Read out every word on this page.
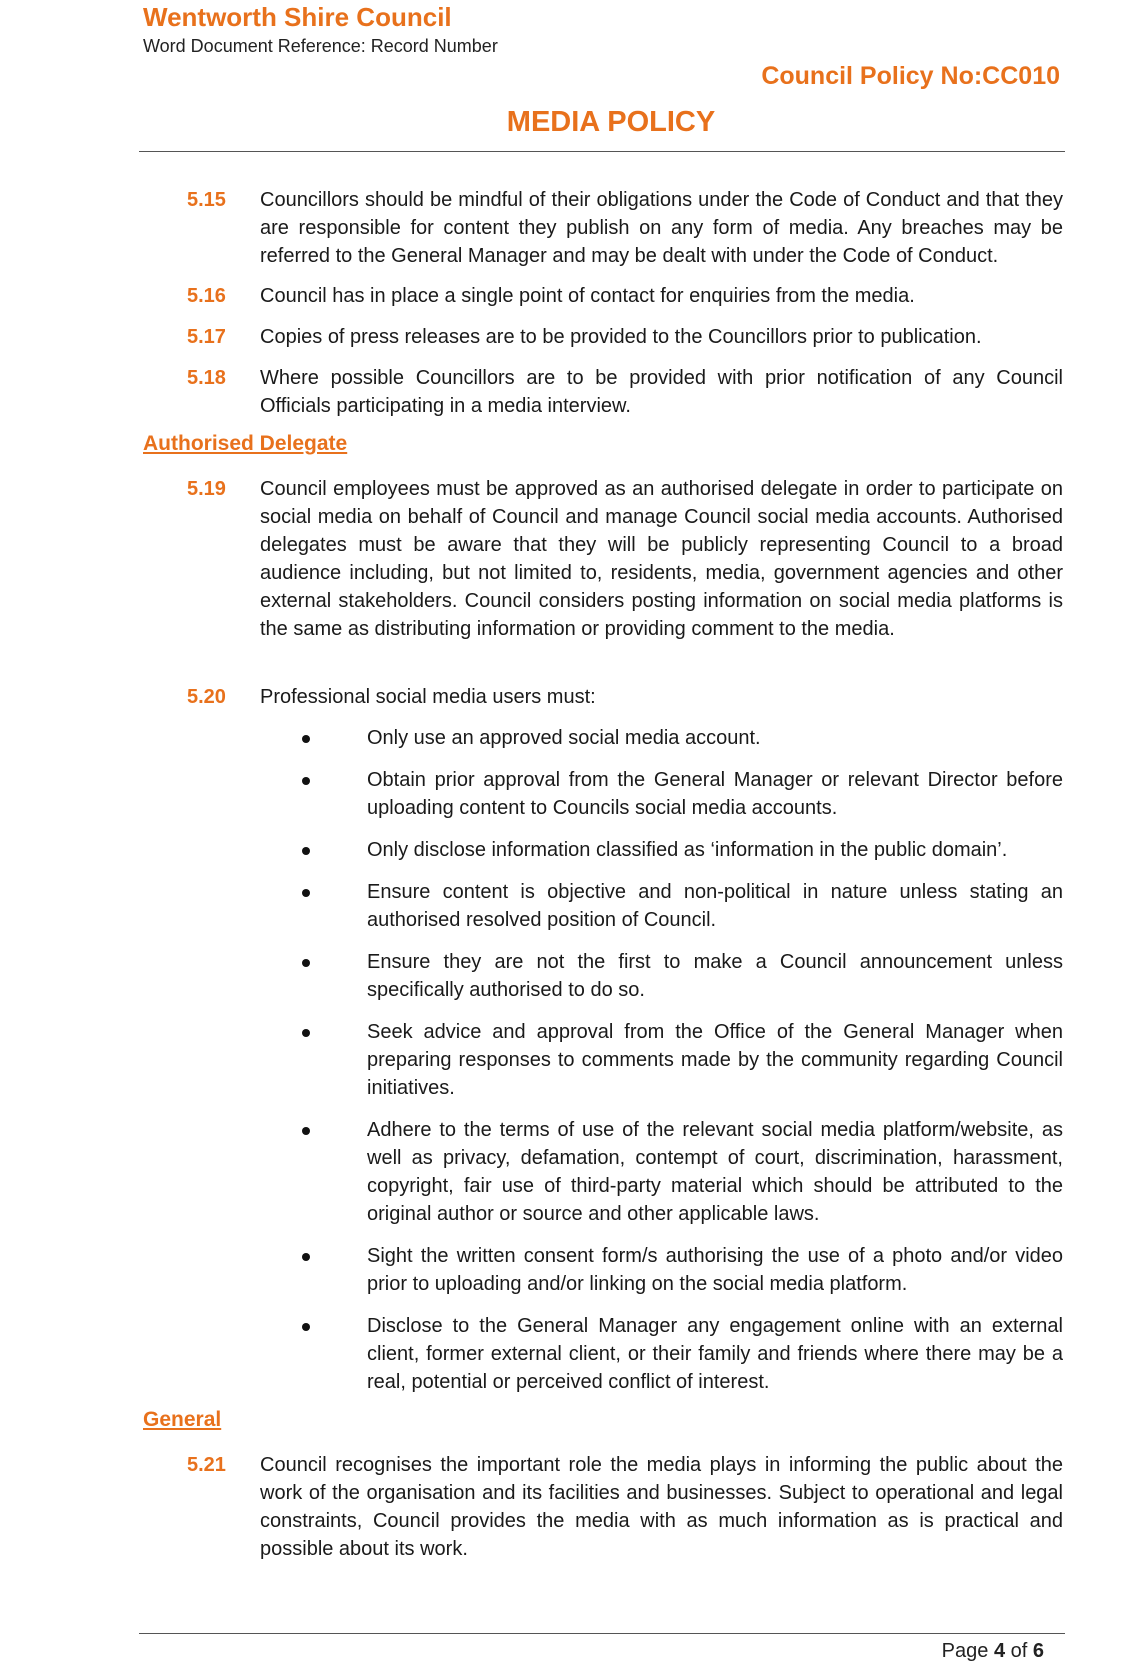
Wentworth Shire Council
Word Document Reference: Record Number
Council Policy No:CC010
MEDIA POLICY
5.15	Councillors should be mindful of their obligations under the Code of Conduct and that they are responsible for content they publish on any form of media. Any breaches may be referred to the General Manager and may be dealt with under the Code of Conduct.
5.16	Council has in place a single point of contact for enquiries from the media.
5.17	Copies of press releases are to be provided to the Councillors prior to publication.
5.18	Where possible Councillors are to be provided with prior notification of any Council Officials participating in a media interview.
Authorised Delegate
5.19	Council employees must be approved as an authorised delegate in order to participate on social media on behalf of Council and manage Council social media accounts. Authorised delegates must be aware that they will be publicly representing Council to a broad audience including, but not limited to, residents, media, government agencies and other external stakeholders. Council considers posting information on social media platforms is the same as distributing information or providing comment to the media.
5.20	Professional social media users must:
Only use an approved social media account.
Obtain prior approval from the General Manager or relevant Director before uploading content to Councils social media accounts.
Only disclose information classified as ‘information in the public domain’.
Ensure content is objective and non-political in nature unless stating an authorised resolved position of Council.
Ensure they are not the first to make a Council announcement unless specifically authorised to do so.
Seek advice and approval from the Office of the General Manager when preparing responses to comments made by the community regarding Council initiatives.
Adhere to the terms of use of the relevant social media platform/website, as well as privacy, defamation, contempt of court, discrimination, harassment, copyright, fair use of third-party material which should be attributed to the original author or source and other applicable laws.
Sight the written consent form/s authorising the use of a photo and/or video prior to uploading and/or linking on the social media platform.
Disclose to the General Manager any engagement online with an external client, former external client, or their family and friends where there may be a real, potential or perceived conflict of interest.
General
5.21	Council recognises the important role the media plays in informing the public about the work of the organisation and its facilities and businesses. Subject to operational and legal constraints, Council provides the media with as much information as is practical and possible about its work.
Page 4 of 6
